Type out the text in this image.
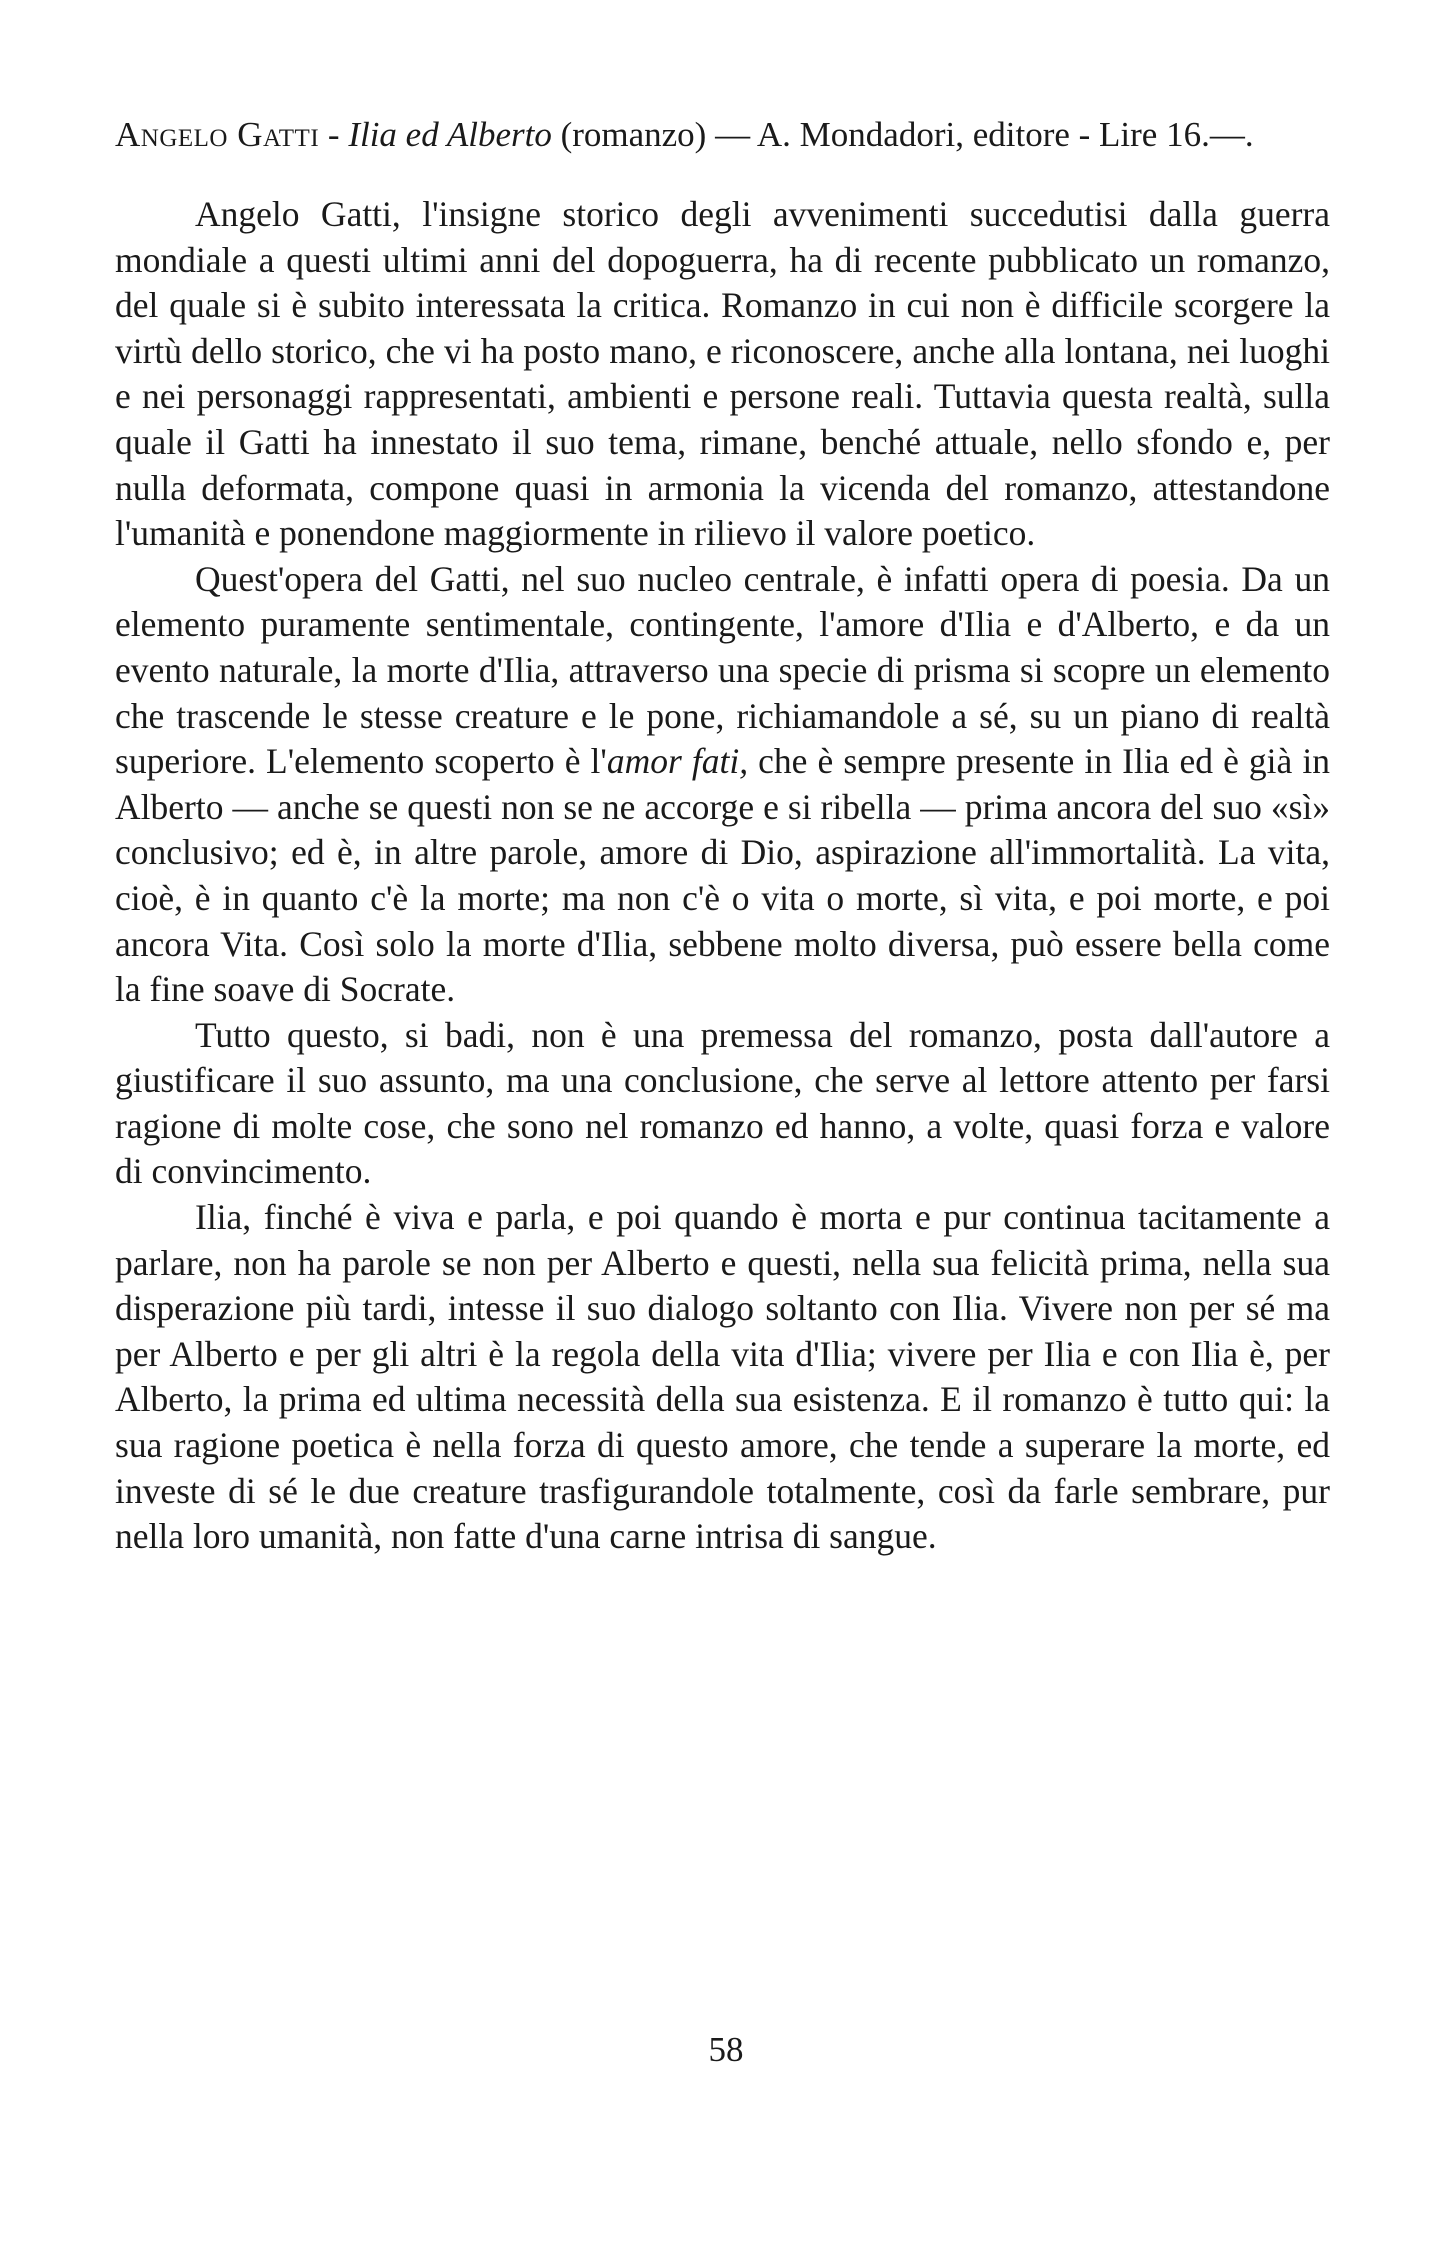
Angelo Gatti - Ilia ed Alberto (romanzo) — A. Mondadori, editore - Lire 16.—.

Angelo Gatti, l'insigne storico degli avvenimenti succedutisi dalla guerra mondiale a questi ultimi anni del dopoguerra, ha di recente pubblicato un romanzo, del quale si è subito interessata la critica. Romanzo in cui non è difficile scorgere la virtù dello storico, che vi ha posto mano, e riconoscere, anche alla lontana, nei luoghi e nei personaggi rappresentati, ambienti e persone reali. Tuttavia questa realtà, sulla quale il Gatti ha innestato il suo tema, rimane, benché attuale, nello sfondo e, per nulla deformata, compone quasi in armonia la vicenda del romanzo, attestandone l'umanità e ponendone maggiormente in rilievo il valore poetico.

Quest'opera del Gatti, nel suo nucleo centrale, è infatti opera di poesia. Da un elemento puramente sentimentale, contingente, l'amore d'Ilia e d'Alberto, e da un evento naturale, la morte d'Ilia, attraverso una specie di prisma si scopre un elemento che trascende le stesse creature e le pone, richiamandole a sé, su un piano di realtà superiore. L'elemento scoperto è l'amor fati, che è sempre presente in Ilia ed è già in Alberto — anche se questi non se ne accorge e si ribella — prima ancora del suo «sì» conclusivo; ed è, in altre parole, amore di Dio, aspirazione all'immortalità. La vita, cioè, è in quanto c'è la morte; ma non c'è o vita o morte, sì vita, e poi morte, e poi ancora Vita. Così solo la morte d'Ilia, sebbene molto diversa, può essere bella come la fine soave di Socrate.

Tutto questo, si badi, non è una premessa del romanzo, posta dall'autore a giustificare il suo assunto, ma una conclusione, che serve al lettore attento per farsi ragione di molte cose, che sono nel romanzo ed hanno, a volte, quasi forza e valore di convincimento.

Ilia, finché è viva e parla, e poi quando è morta e pur continua tacitamente a parlare, non ha parole se non per Alberto e questi, nella sua felicità prima, nella sua disperazione più tardi, intesse il suo dialogo soltanto con Ilia. Vivere non per sé ma per Alberto e per gli altri è la regola della vita d'Ilia; vivere per Ilia e con Ilia è, per Alberto, la prima ed ultima necessità della sua esistenza. E il romanzo è tutto qui: la sua ragione poetica è nella forza di questo amore, che tende a superare la morte, ed investe di sé le due creature trasfigurandole totalmente, così da farle sembrare, pur nella loro umanità, non fatte d'una carne intrisa di sangue.

58
